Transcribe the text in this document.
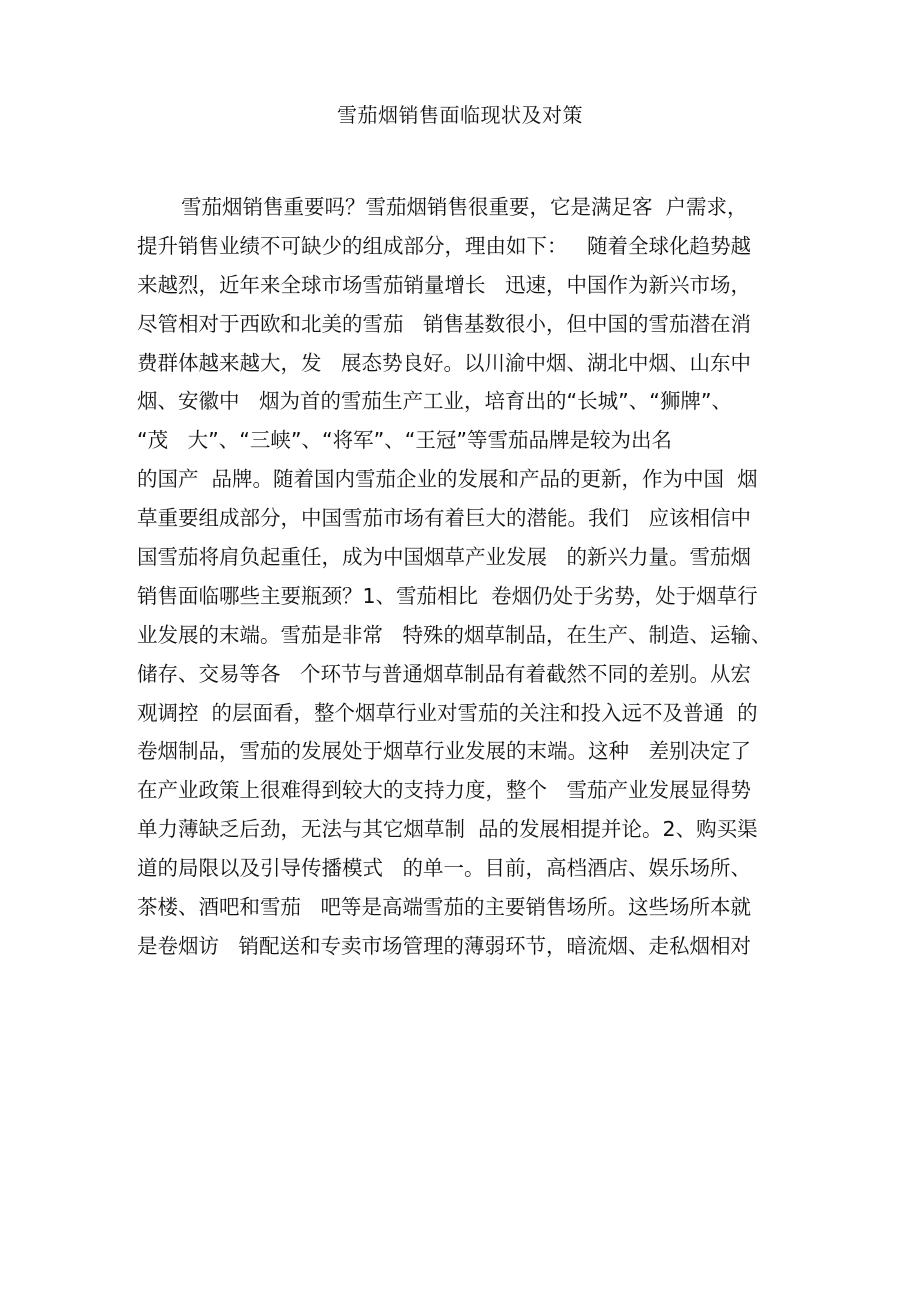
雪茄烟销售面临现状及对策
雪茄烟销售重要吗？雪茄烟销售很重要，它是满足客  户需求，
提升销售业绩不可缺少的组成部分，理由如下：   随着全球化趋势越
来越烈，近年来全球市场雪茄销量增长   迅速，中国作为新兴市场，
尽管相对于西欧和北美的雪茄   销售基数很小，但中国的雪茄潜在消
费群体越来越大，发   展态势良好。以川渝中烟、湖北中烟、山东中
烟、安徽中   烟为首的雪茄生产工业，培育出的“长城”、“狮牌”、
“茂   大”、“三峡”、“将军”、“王冠”等雪茄品牌是较为出名
的国产  品牌。随着国内雪茄企业的发展和产品的更新，作为中国  烟
草重要组成部分，中国雪茄市场有着巨大的潜能。我们   应该相信中
国雪茄将肩负起重任，成为中国烟草产业发展   的新兴力量。雪茄烟
销售面临哪些主要瓶颈？1、雪茄相比  卷烟仍处于劣势，处于烟草行
业发展的末端。雪茄是非常   特殊的烟草制品，在生产、制造、运输、
储存、交易等各   个环节与普通烟草制品有着截然不同的差别。从宏
观调控  的层面看，整个烟草行业对雪茄的关注和投入远不及普通  的
卷烟制品，雪茄的发展处于烟草行业发展的末端。这种   差别决定了
在产业政策上很难得到较大的支持力度，整个   雪茄产业发展显得势
单力薄缺乏后劲，无法与其它烟草制  品的发展相提并论。2、购买渠
道的局限以及引导传播模式   的单一。目前，高档酒店、娱乐场所、
茶楼、酒吧和雪茄   吧等是高端雪茄的主要销售场所。这些场所本就
是卷烟访   销配送和专卖市场管理的薄弱环节，暗流烟、走私烟相对
